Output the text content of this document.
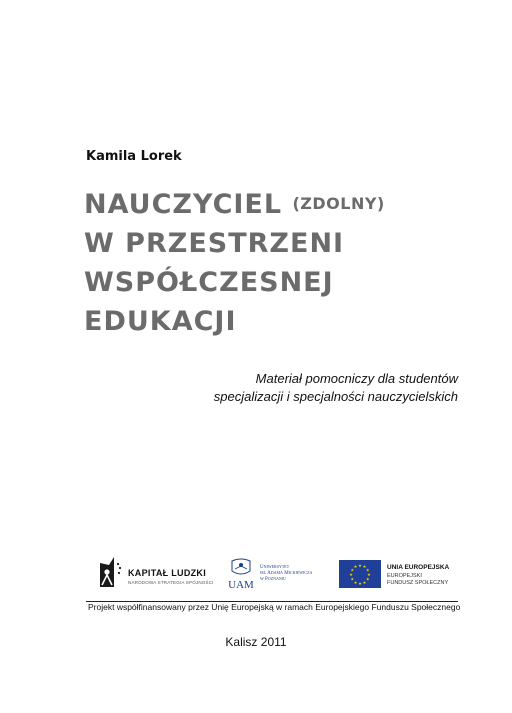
Kamila Lorek
NAUCZYCIEL (ZDOLNY)
W PRZESTRZENI
WSPÓŁCZESNEJ
EDUKACJI
Materiał pomocniczy dla studentów
specjalizacji i specjalności nauczycielskich
KAPITAŁ LUDZKI
NARODOWA STRATEGIA SPÓJNOŚCI UAM
Uniwersytet
im. Adama Mickiewicza
w Poznaniu
★ ★
★
★
★
★
★
★
★
★
★
★	UNIA EUROPEJSKA
EUROPEJSKI
FUNDUSZ SPOŁECZNY
Projekt współfinansowany przez Unię Europejską w ramach Europejskiego Funduszu Społecznego
Kalisz 2011
